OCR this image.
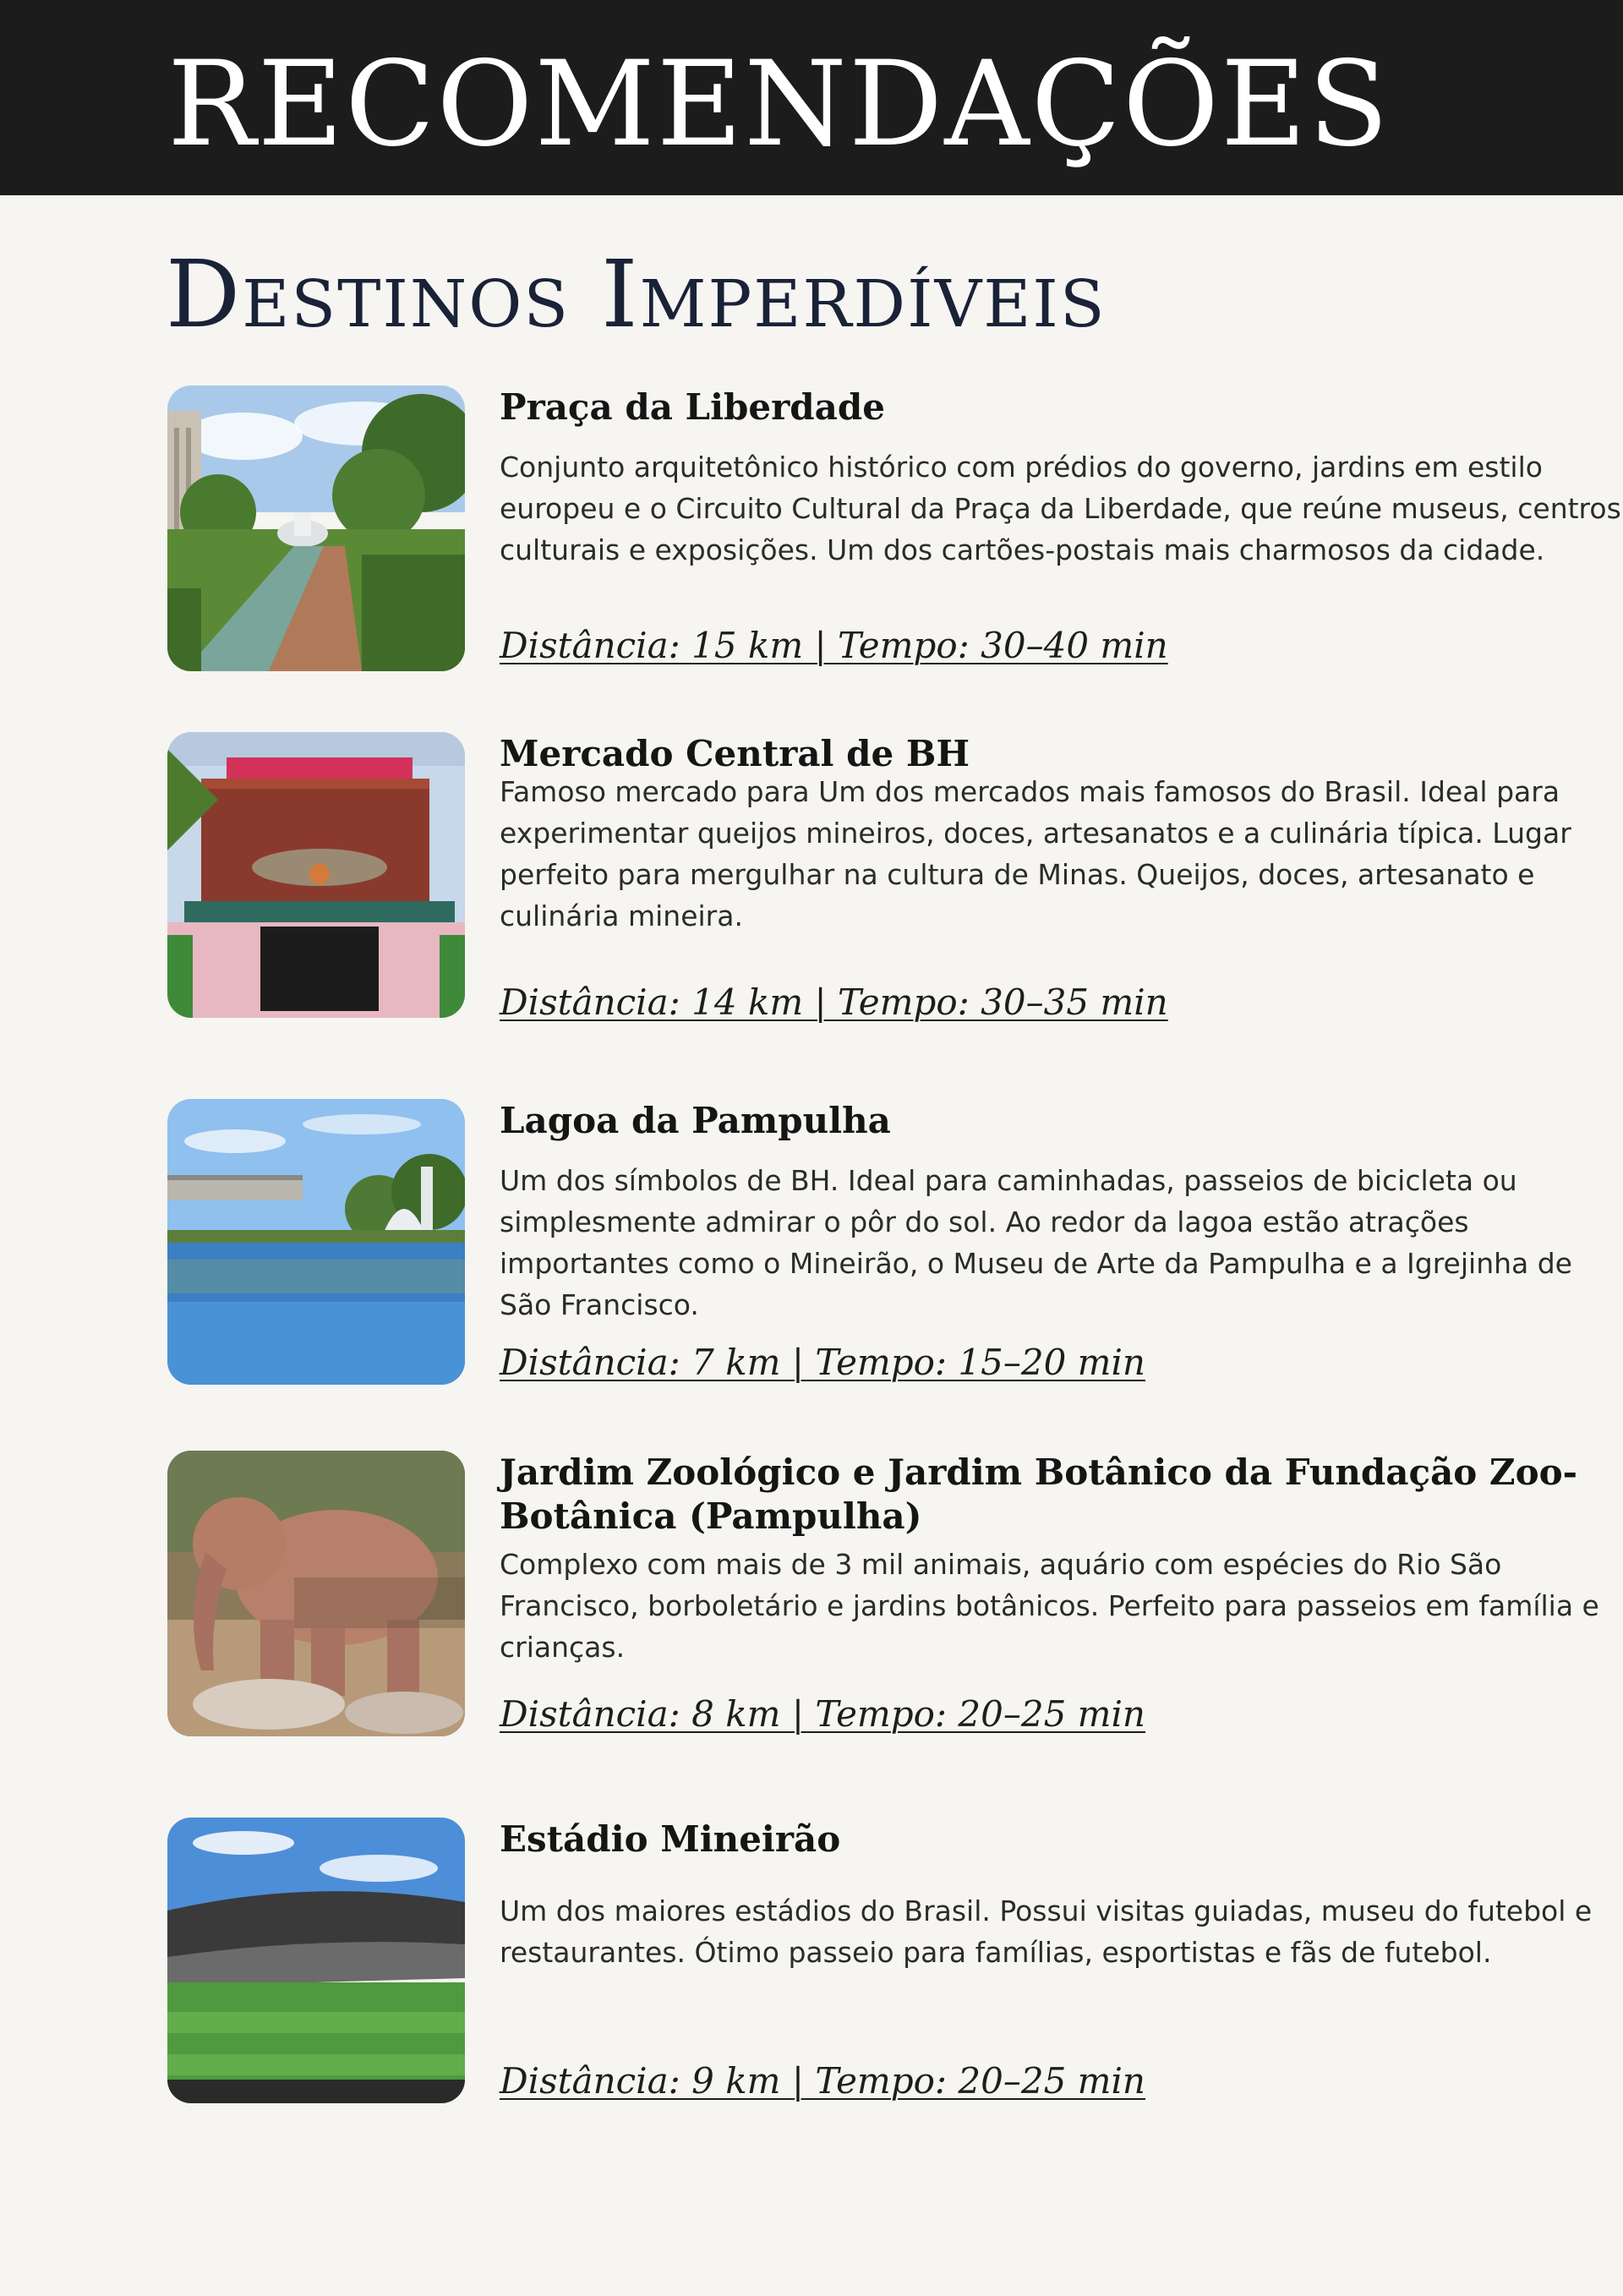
RECOMENDAÇÕES
Destinos Imperdíveis
Praça da Liberdade

Conjunto arquitetônico histórico com prédios do governo, jardins em estilo europeu e o Circuito Cultural da Praça da Liberdade, que reúne museus, centros culturais e exposições. Um dos cartões-postais mais charmosos da cidade.

Distância: 15 km | Tempo: 30–40 min

Mercado Central de BH

Famoso mercado para Um dos mercados mais famosos do Brasil. Ideal para experimentar queijos mineiros, doces, artesanatos e a culinária típica. Lugar perfeito para mergulhar na cultura de Minas. Queijos, doces, artesanato e culinária mineira.

Distância: 14 km | Tempo: 30–35 min

Lagoa da Pampulha

Um dos símbolos de BH. Ideal para caminhadas, passeios de bicicleta ou simplesmente admirar o pôr do sol. Ao redor da lagoa estão atrações importantes como o Mineirão, o Museu de Arte da Pampulha e a Igrejinha de São Francisco.

Distância: 7 km | Tempo: 15–20 min

Jardim Zoológico e Jardim Botânico da Fundação Zoo-Botânica (Pampulha)

Complexo com mais de 3 mil animais, aquário com espécies do Rio São Francisco, borboletário e jardins botânicos. Perfeito para passeios em família e crianças.

Distância: 8 km | Tempo: 20–25 min

Estádio Mineirão

Um dos maiores estádios do Brasil. Possui visitas guiadas, museu do futebol e restaurantes. Ótimo passeio para famílias, esportistas e fãs de futebol.

Distância: 9 km | Tempo: 20–25 min
